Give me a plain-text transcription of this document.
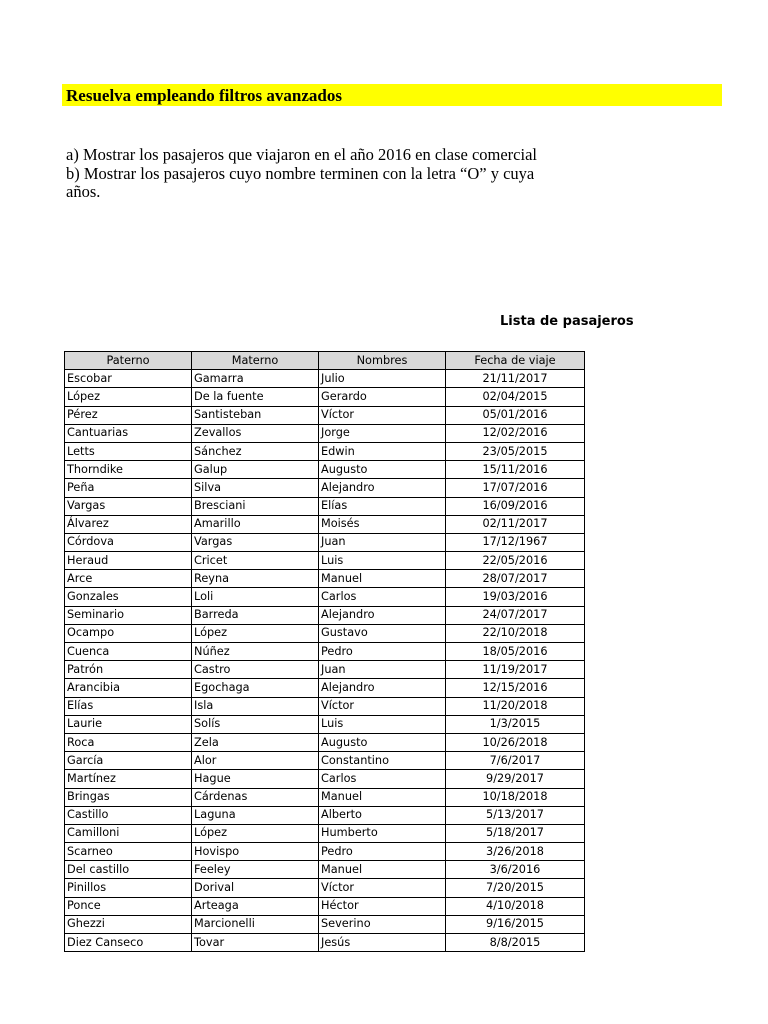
Resuelva empleando filtros avanzados
a) Mostrar los pasajeros que viajaron en el año 2016 en clase comercial
b) Mostrar los pasajeros cuyo nombre terminen con la letra “O” y cuya
años.
Lista de pasajeros
Paterno	Materno	Nombres	Fecha de viaje
Escobar	Gamarra	Julio	21/11/2017
López	De la fuente	Gerardo	02/04/2015
Pérez	Santisteban	Víctor	05/01/2016
Cantuarias	Zevallos	Jorge	12/02/2016
Letts	Sánchez	Edwin	23/05/2015
Thorndike	Galup	Augusto	15/11/2016
Peña	Silva	Alejandro	17/07/2016
Vargas	Bresciani	Elías	16/09/2016
Álvarez	Amarillo	Moisés	02/11/2017
Córdova	Vargas	Juan	17/12/1967
Heraud	Cricet	Luis	22/05/2016
Arce	Reyna	Manuel	28/07/2017
Gonzales	Loli	Carlos	19/03/2016
Seminario	Barreda	Alejandro	24/07/2017
Ocampo	López	Gustavo	22/10/2018
Cuenca	Núñez	Pedro	18/05/2016
Patrón	Castro	Juan	11/19/2017
Arancibia	Egochaga	Alejandro	12/15/2016
Elías	Isla	Víctor	11/20/2018
Laurie	Solís	Luis	1/3/2015
Roca	Zela	Augusto	10/26/2018
García	Alor	Constantino	7/6/2017
Martínez	Hague	Carlos	9/29/2017
Bringas	Cárdenas	Manuel	10/18/2018
Castillo	Laguna	Alberto	5/13/2017
Camilloni	López	Humberto	5/18/2017
Scarneo	Hovispo	Pedro	3/26/2018
Del castillo	Feeley	Manuel	3/6/2016
Pinillos	Dorival	Víctor	7/20/2015
Ponce	Arteaga	Héctor	4/10/2018
Ghezzi	Marcionelli	Severino	9/16/2015
Diez Canseco	Tovar	Jesús	8/8/2015
